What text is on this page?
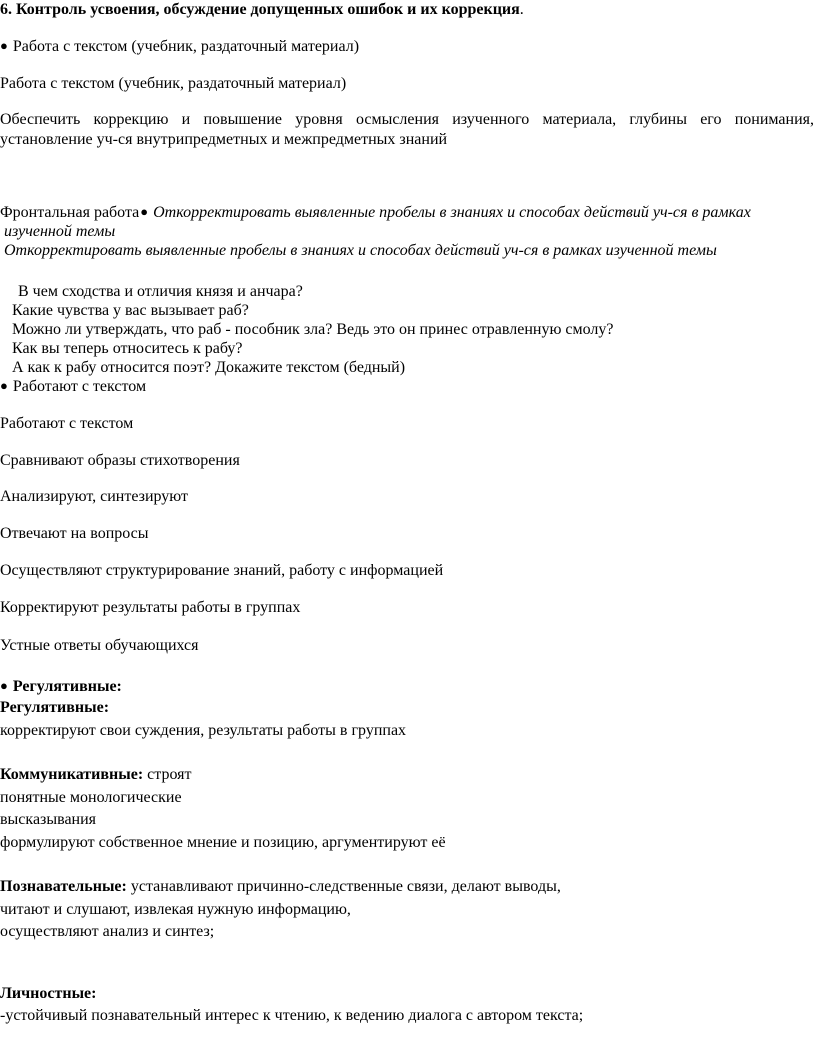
6. Контроль усвоения, обсуждение допущенных ошибок и их коррекция.
● Работа с текстом (учебник, раздаточный материал)
Работа с текстом (учебник, раздаточный материал)
Обеспечить коррекцию и повышение уровня осмысления изученного материала, глубины его понимания, установление уч-ся внутрипредметных и межпредметных знаний
Фронтальная работа● Откорректировать выявленные пробелы в знаниях и способах действий уч-ся в рамках
изученной темы
Откорректировать выявленные пробелы в знаниях и способах действий уч-ся в рамках изученной темы
В чем сходства и отличия князя и анчара?
Какие чувства у вас вызывает раб?
Можно ли утверждать, что раб - пособник зла? Ведь это он принес отравленную смолу?
Как вы теперь относитесь к рабу?
А как к рабу относится поэт? Докажите текстом (бедный)
● Работают с текстом
Работают с текстом
Сравнивают образы стихотворения
Анализируют, синтезируют
Отвечают на вопросы
Осуществляют структурирование знаний, работу с информацией
Корректируют результаты работы в группах
Устные ответы обучающихся
● Регулятивные:
Регулятивные:
корректируют свои суждения, результаты работы в группах
Коммуникативные: строят
понятные монологические
высказывания
формулируют собственное мнение и позицию, аргументируют её
Познавательные: устанавливают причинно-следственные связи, делают выводы,
читают и слушают, извлекая нужную информацию,
осуществляют анализ и синтез;
Личностные:
-устойчивый познавательный интерес к чтению, к ведению диалога с автором текста;
